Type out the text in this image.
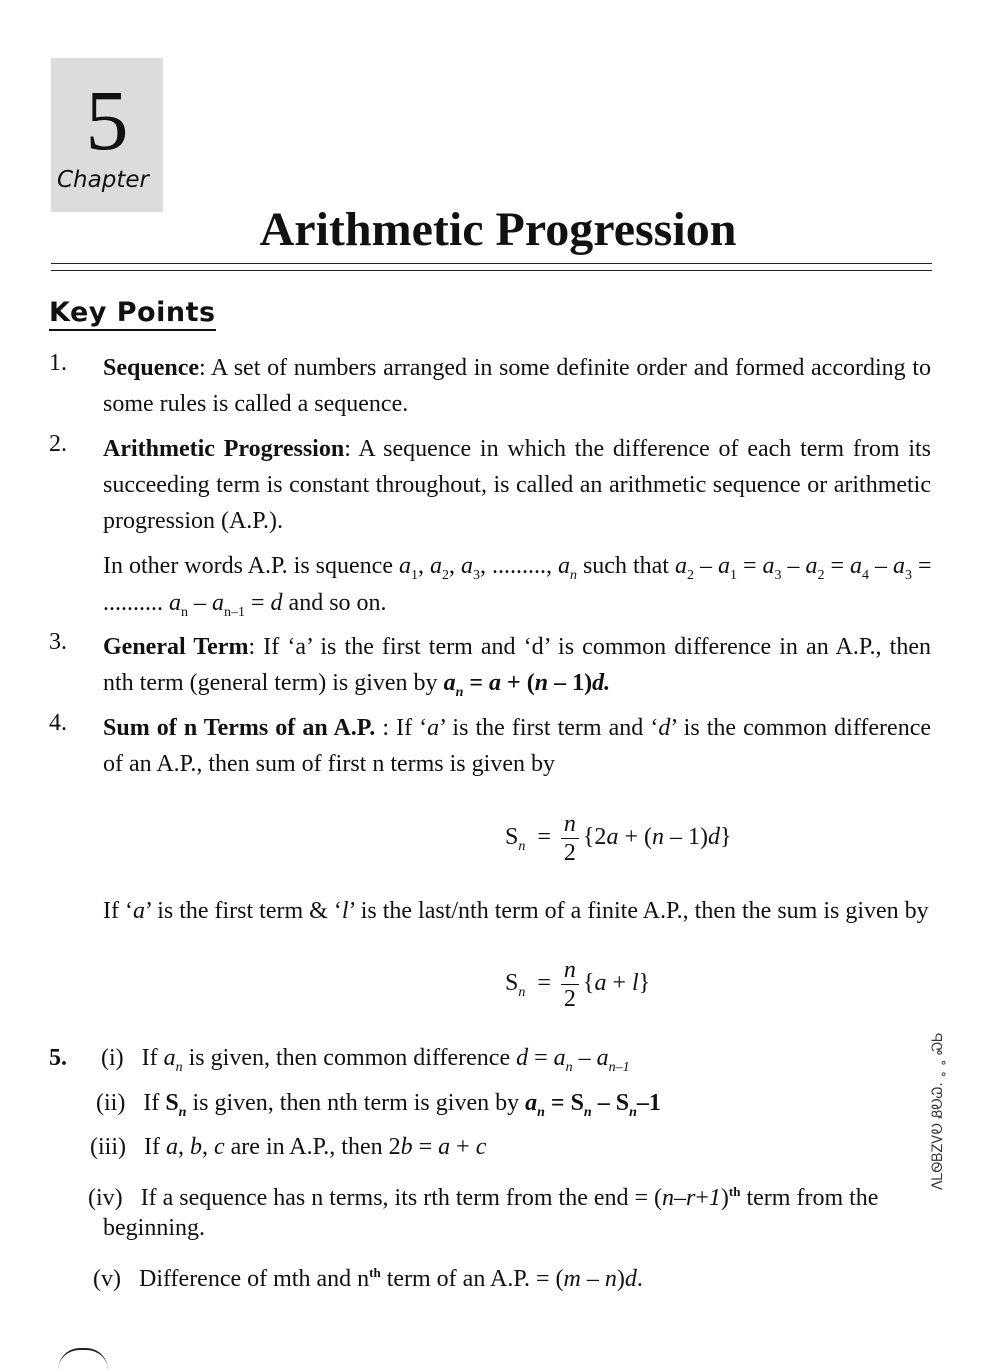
5
Chapter
Arithmetic Progression
Key Points
1. Sequence: A set of numbers arranged in some definite order and formed according to some rules is called a sequence.
2. Arithmetic Progression: A sequence in which the difference of each term from its succeeding term is constant throughout, is called an arithmetic sequence or arithmetic progression (A.P.).
In other words A.P. is squence $a_1$, $a_2$, $a_3$, ........., $a_n$ such that $a_2 - a_1 = a_3 - a_2 = a_4 - a_3$ =
.......... $a_n - a_{n-1} = d$ and so on.
3. General Term: If ‘a’ is the first term and ‘d’ is common difference in an A.P., then nth term (general term) is given by $a_n = a + (n - 1)d$.
4. Sum of n Terms of an A.P. : If ‘a’ is the first term and ‘d’ is the common difference of an A.P., then sum of first n terms is given by
$S_n = \frac{n}{2} \{2a + (n - 1)d\}$
If ‘a’ is the first term & ‘l’ is the last/nth term of a finite A.P., then the sum is given by
$S_n = \frac{n}{2} \{a + l\}$
5. (i) If $a_n$ is given, then common difference $d = a_n - a_{n-1}$
(ii) If $S_n$ is given, then nth term is given by $a_n = S_n - S_n-1$
(iii) If a, b, c are in A.P., then 2b = a + c
(iv) If a sequence has n terms, its rth term from the end = $(n-r+1)^{th}$ term from the
beginning.
(v) Difference of mth and $n^{th}$ term of an A.P. = (m – n)d.
ᐱᏞᏫᏴᏃᏙᎧ ᏰᎧᏇ. ˳ ˳ ᏍᏏ
